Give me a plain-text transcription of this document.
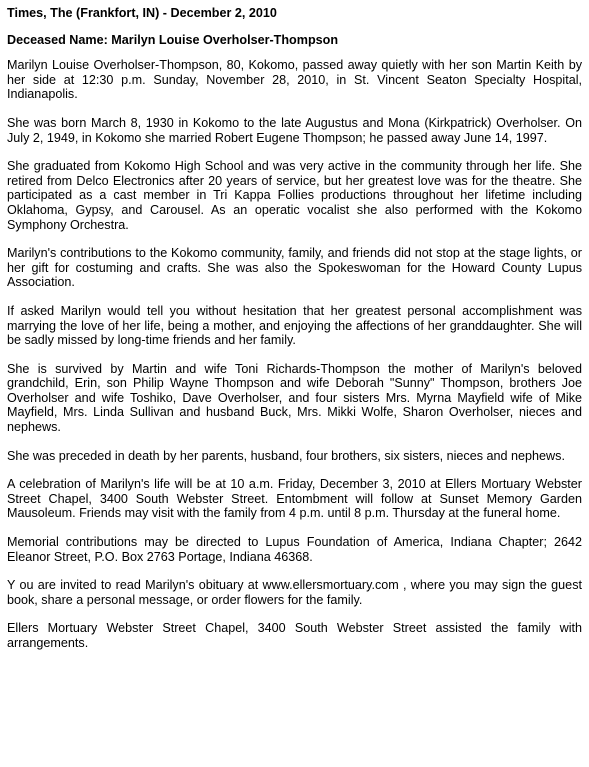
Times, The (Frankfort, IN) - December 2, 2010
Deceased Name: Marilyn Louise Overholser-Thompson

Marilyn Louise Overholser-Thompson, 80, Kokomo, passed away quietly with her son Martin Keith by her side at 12:30 p.m. Sunday, November 28, 2010, in St. Vincent Seaton Specialty Hospital, Indianapolis.

She was born March 8, 1930 in Kokomo to the late Augustus and Mona (Kirkpatrick) Overholser. On July 2, 1949, in Kokomo she married Robert Eugene Thompson; he passed away June 14, 1997.

She graduated from Kokomo High School and was very active in the community through her life. She retired from Delco Electronics after 20 years of service, but her greatest love was for the theatre. She participated as a cast member in Tri Kappa Follies productions throughout her lifetime including Oklahoma, Gypsy, and Carousel. As an operatic vocalist she also performed with the Kokomo Symphony Orchestra.

Marilyn's contributions to the Kokomo community, family, and friends did not stop at the stage lights, or her gift for costuming and crafts. She was also the Spokeswoman for the Howard County Lupus Association.

If asked Marilyn would tell you without hesitation that her greatest personal accomplishment was marrying the love of her life, being a mother, and enjoying the affections of her granddaughter. She will be sadly missed by long-time friends and her family.

She is survived by Martin and wife Toni Richards-Thompson the mother of Marilyn's beloved grandchild, Erin, son Philip Wayne Thompson and wife Deborah "Sunny" Thompson, brothers Joe Overholser and wife Toshiko, Dave Overholser, and four sisters Mrs. Myrna Mayfield wife of Mike Mayfield, Mrs. Linda Sullivan and husband Buck, Mrs. Mikki Wolfe, Sharon Overholser, nieces and nephews.

She was preceded in death by her parents, husband, four brothers, six sisters, nieces and nephews.

A celebration of Marilyn's life will be at 10 a.m. Friday, December 3, 2010 at Ellers Mortuary Webster Street Chapel, 3400 South Webster Street. Entombment will follow at Sunset Memory Garden Mausoleum. Friends may visit with the family from 4 p.m. until 8 p.m. Thursday at the funeral home.

Memorial contributions may be directed to Lupus Foundation of America, Indiana Chapter; 2642 Eleanor Street, P.O. Box 2763 Portage, Indiana 46368.

Y ou are invited to read Marilyn's obituary at www.ellersmortuary.com , where you may sign the guest book, share a personal message, or order flowers for the family.

Ellers Mortuary Webster Street Chapel, 3400 South Webster Street assisted the family with arrangements.
